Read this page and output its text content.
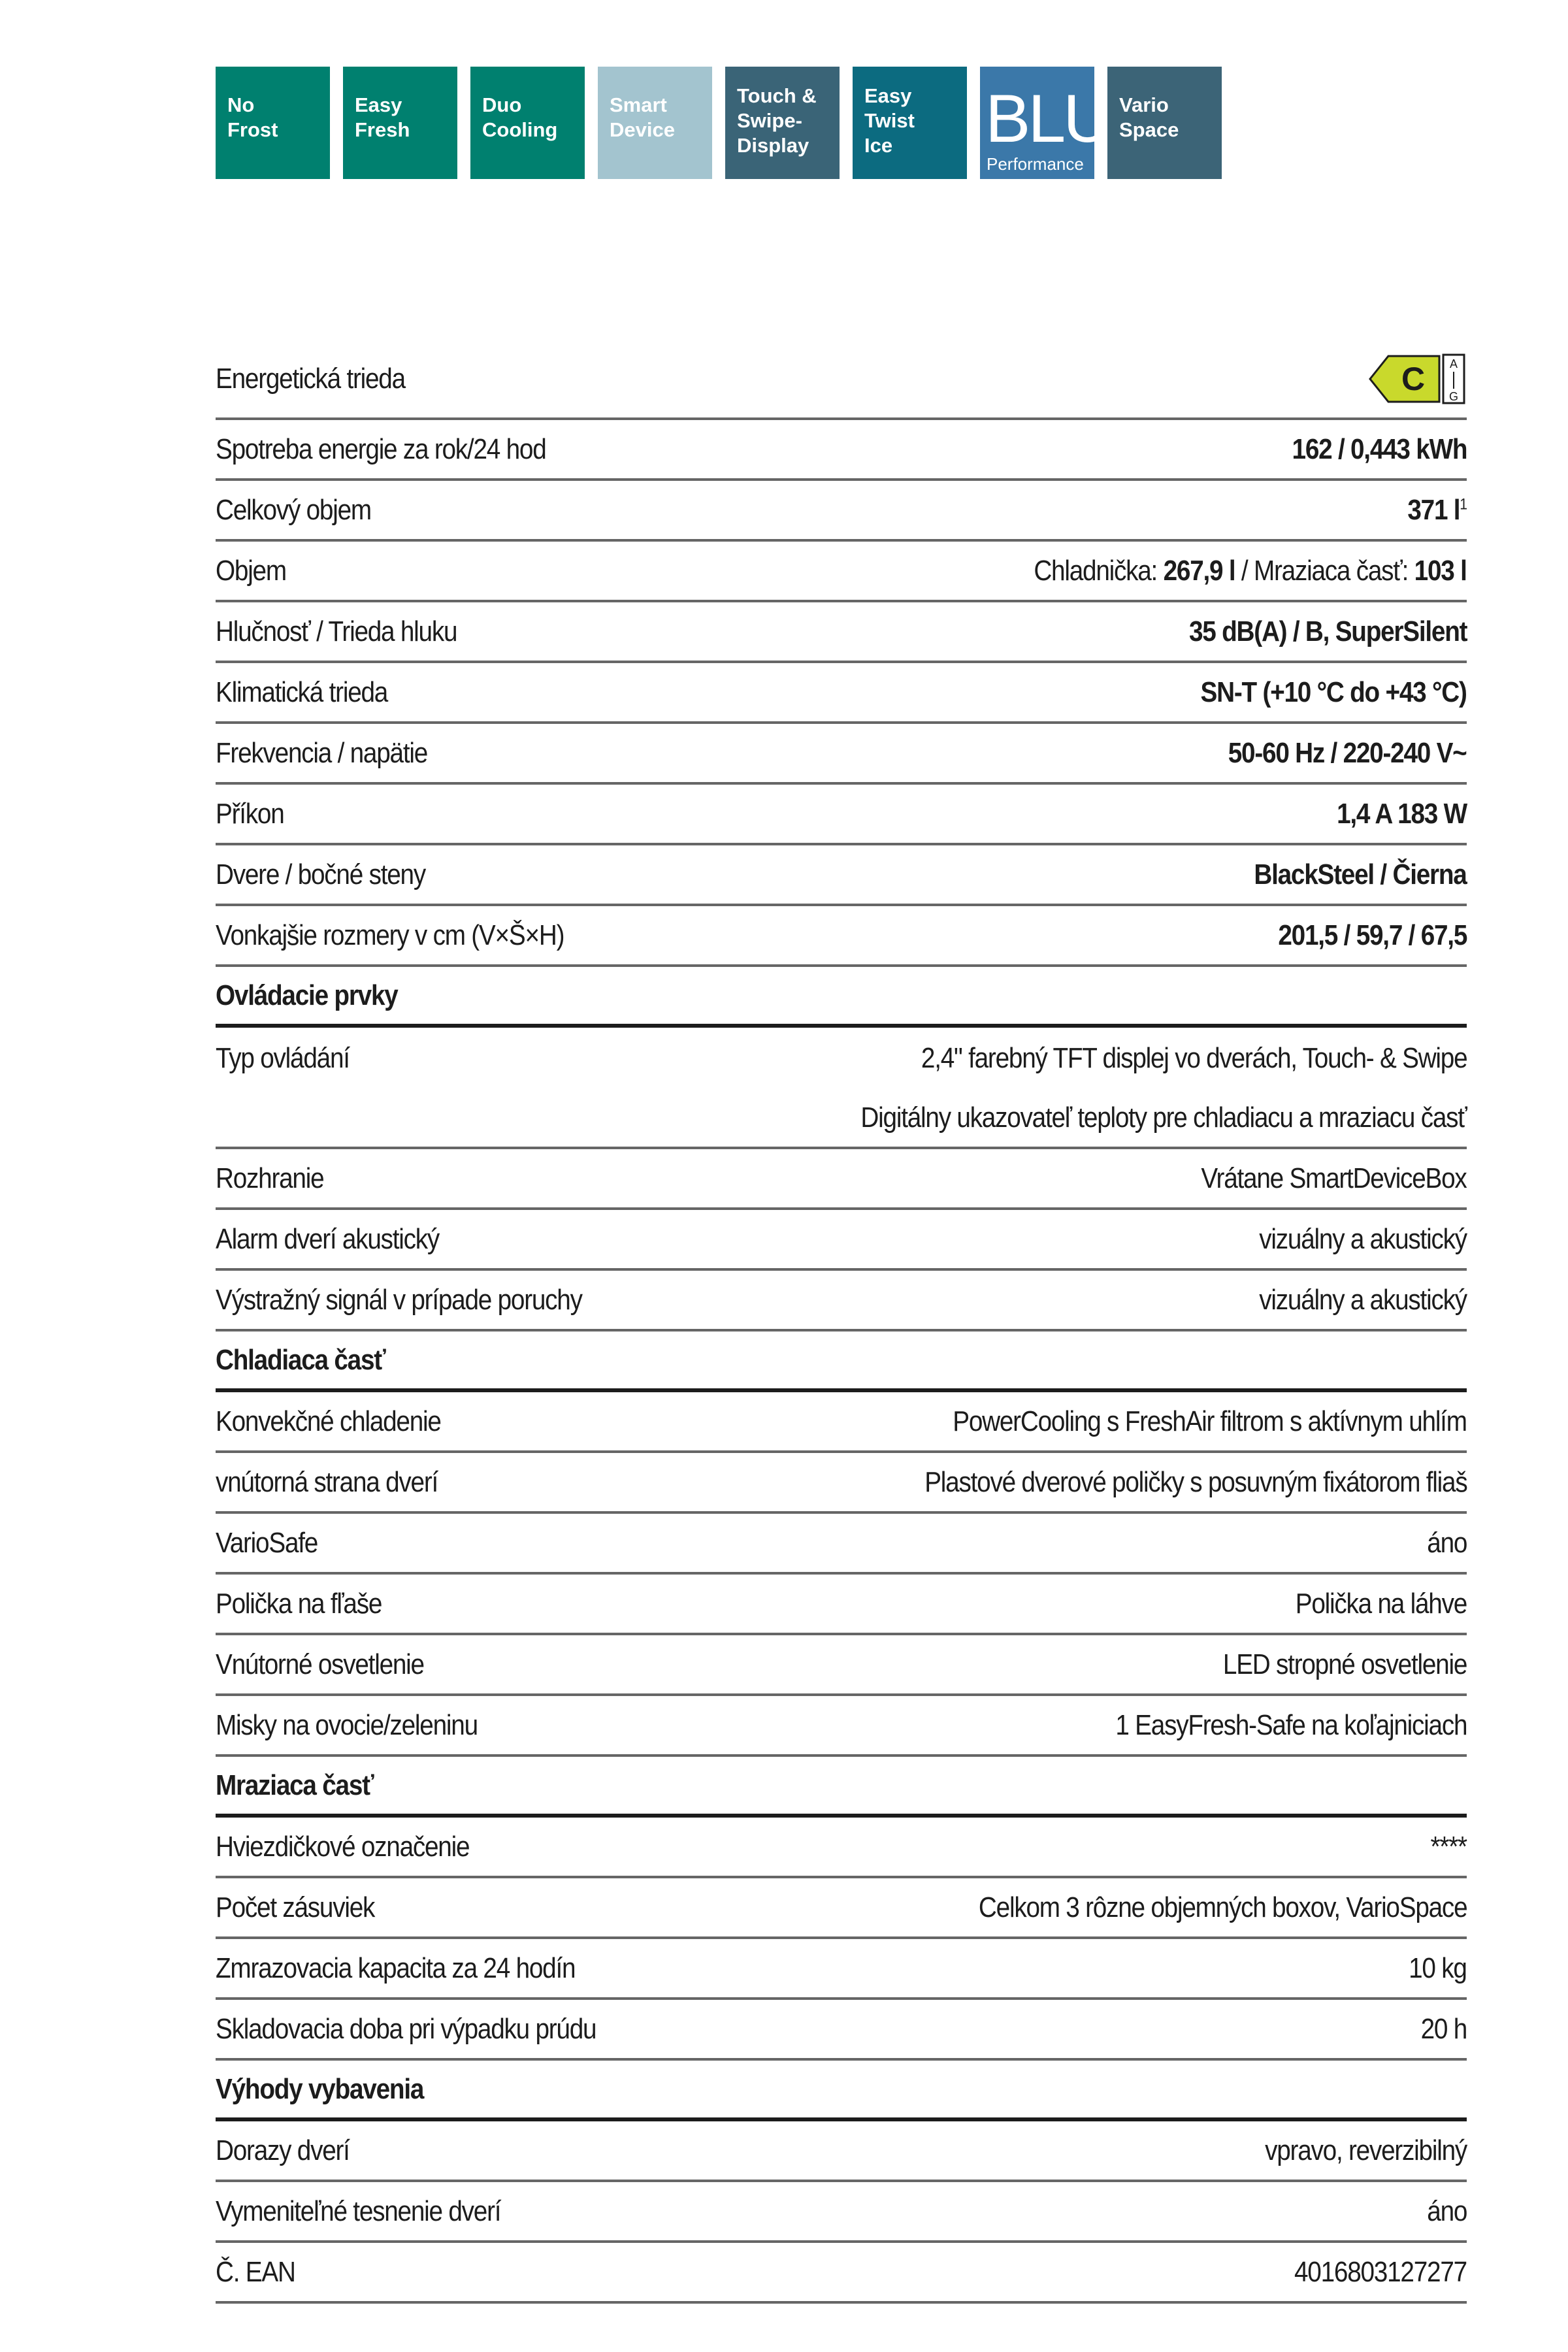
No
Frost
Easy
Fresh
Duo
Cooling
Smart
Device
Touch &
Swipe-
Display
Easy
Twist
Ice	BLU

Performance

Vario
Space
Energetická trieda	C A
G
Spotreba energie za rok/24 hod	162 / 0,443 kWh
Celkový objem	371 $l^1$
Objem	Chladnička: 267,9 l / Mraziaca časť: 103 l
Hlučnosť / Trieda hluku	35 dB(A) / B, SuperSilent
Klimatická trieda	SN-T (+10 °C do +43 °C)
Frekvencia / napätie	50-60 Hz / 220-240 V~
Příkon	1,4 A 183 W
Dvere / bočné steny	BlackSteel / Čierna
Vonkajšie rozmery v cm (V×Š×H)	201,5 / 59,7 / 67,5
Ovládacie prvky
Typ ovládání	2,4" farebný TFT displej vo dverách, Touch- & Swipe
Digitálny ukazovateľ teploty pre chladiacu a mraziacu časť
Rozhranie	Vrátane SmartDeviceBox
Alarm dverí akustický	vizuálny a akustický
Výstražný signál v prípade poruchy	vizuálny a akustický
Chladiaca časť
Konvekčné chladenie	PowerCooling s FreshAir filtrom s aktívnym uhlím
vnútorná strana dverí	Plastové dverové poličky s posuvným fixátorom fliaš
VarioSafe	áno
Polička na fľaše	Polička na láhve
Vnútorné osvetlenie	LED stropné osvetlenie
Misky na ovocie/zeleninu	1 EasyFresh-Safe na koľajniciach
Mraziaca časť
Hviezdičkové označenie	****
Počet zásuviek	Celkom 3 rôzne objemných boxov, VarioSpace
Zmrazovacia kapacita za 24 hodín	10 kg
Skladovacia doba pri výpadku prúdu	20 h
Výhody vybavenia
Dorazy dverí	vpravo, reverzibilný
Vymeniteľné tesnenie dverí	áno
Č. EAN	4016803127277
